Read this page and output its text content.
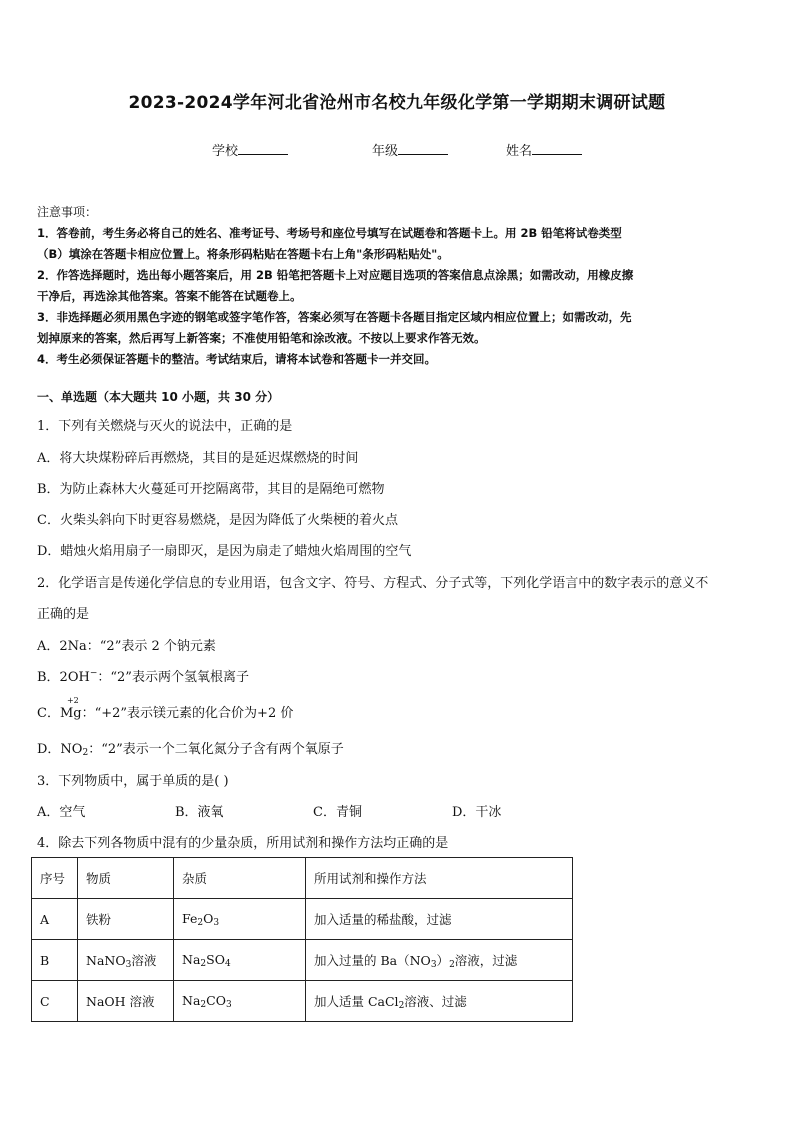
2023-2024学年河北省沧州市名校九年级化学第一学期期末调研试题
学校	年级	姓名
注意事项：
1．答卷前，考生务必将自己的姓名、准考证号、考场号和座位号填写在试题卷和答题卡上。用 2B 铅笔将试卷类型
（B）填涂在答题卡相应位置上。将条形码粘贴在答题卡右上角"条形码粘贴处"。
2．作答选择题时，选出每小题答案后，用 2B 铅笔把答题卡上对应题目选项的答案信息点涂黑；如需改动，用橡皮擦
干净后，再选涂其他答案。答案不能答在试题卷上。
3．非选择题必须用黑色字迹的钢笔或签字笔作答，答案必须写在答题卡各题目指定区域内相应位置上；如需改动，先
划掉原来的答案，然后再写上新答案；不准使用铅笔和涂改液。不按以上要求作答无效。
4．考生必须保证答题卡的整洁。考试结束后，请将本试卷和答题卡一并交回。
一、单选题（本大题共 10 小题，共 30 分）
1．下列有关燃烧与灭火的说法中，正确的是
A．将大块煤粉碎后再燃烧，其目的是延迟煤燃烧的时间
B．为防止森林大火蔓延可开挖隔离带，其目的是隔绝可燃物
C．火柴头斜向下时更容易燃烧，是因为降低了火柴梗的着火点
D．蜡烛火焰用扇子一扇即灭，是因为扇走了蜡烛火焰周围的空气
2．化学语言是传递化学信息的专业用语，包含文字、符号、方程式、分子式等，下列化学语言中的数字表示的意义不
正确的是
A．2Na：“2”表示 2 个钠元素
B．2OH−：“2”表示两个氢氧根离子
C．
+2
Mg：“+2”表示镁元素的化合价为+2 价
D．$NO_2$：“2”表示一个二氧化氮分子含有两个氧原子
3．下列物质中，属于单质的是( )
A．空气	B．液氧	C．青铜	D．干冰
4．除去下列各物质中混有的少量杂质，所用试剂和操作方法均正确的是
序号	物质	杂质	所用试剂和操作方法
A	铁粉	$Fe_2O_3$	加入适量的稀盐酸，过滤
B	NaNO$_3$溶液	$Na_2SO_4$	加入过量的 $Ba(NO_3)_2$溶液，过滤
C	NaOH 溶液	$Na_2CO_3$	加人适量 CaCl$_2$溶液、过滤
